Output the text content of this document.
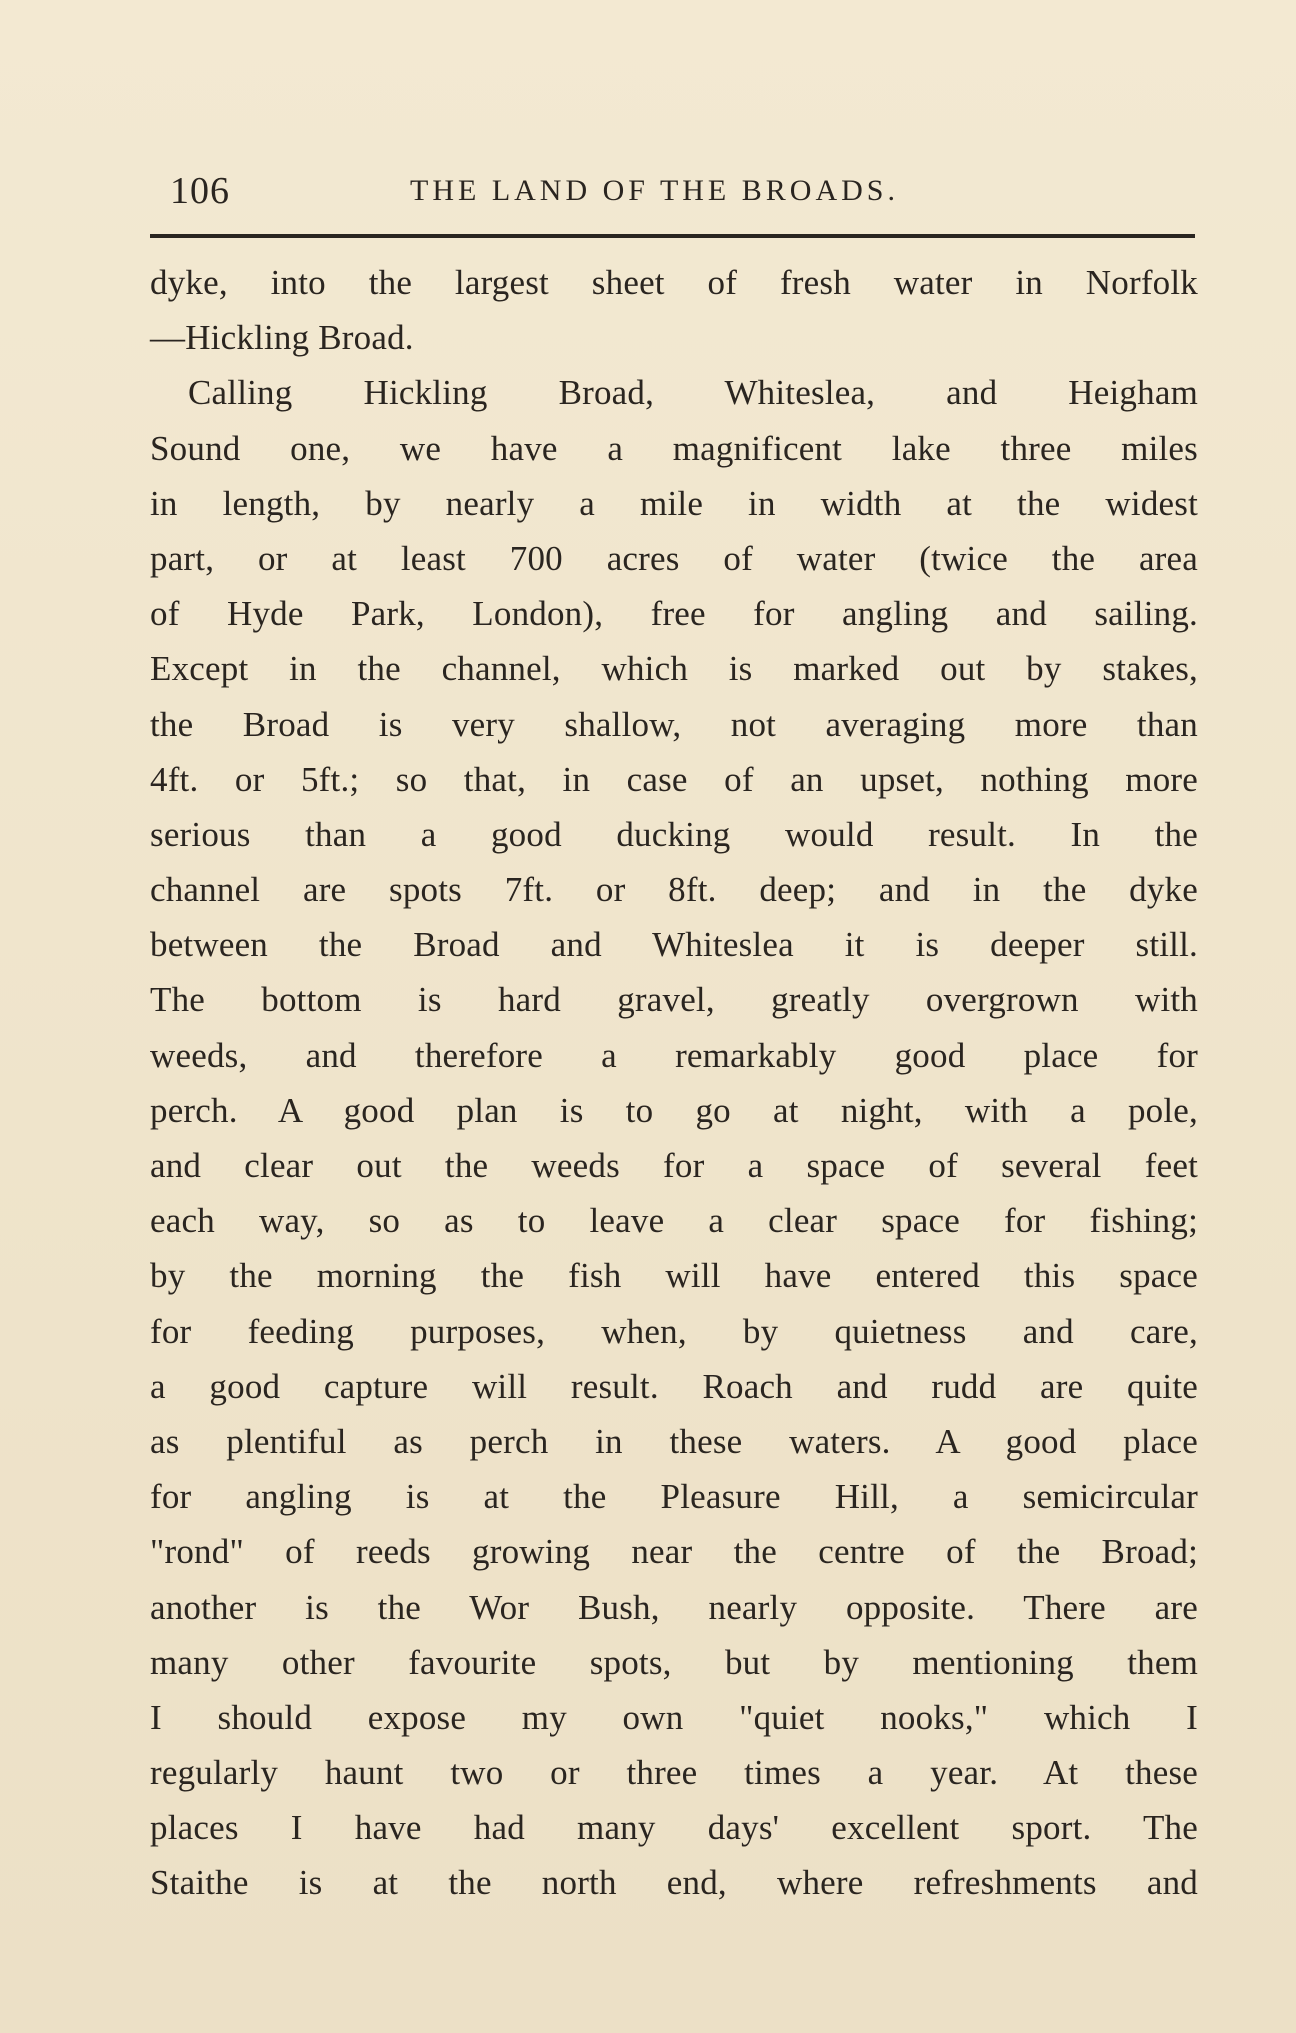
106	THE LAND OF THE BROADS.
dyke, into the largest sheet of fresh water in Norfolk
—Hickling Broad.
Calling Hickling Broad, Whiteslea, and Heigham
Sound one, we have a magnificent lake three miles
in length, by nearly a mile in width at the widest
part, or at least 700 acres of water (twice the area
of Hyde Park, London), free for angling and sailing.
Except in the channel, which is marked out by stakes,
the Broad is very shallow, not averaging more than
4ft. or 5ft.; so that, in case of an upset, nothing more
serious than a good ducking would result. In the
channel are spots 7ft. or 8ft. deep; and in the dyke
between the Broad and Whiteslea it is deeper still.
The bottom is hard gravel, greatly overgrown with
weeds, and therefore a remarkably good place for
perch. A good plan is to go at night, with a pole,
and clear out the weeds for a space of several feet
each way, so as to leave a clear space for fishing;
by the morning the fish will have entered this space
for feeding purposes, when, by quietness and care,
a good capture will result. Roach and rudd are quite
as plentiful as perch in these waters. A good place
for angling is at the Pleasure Hill, a semicircular
"rond" of reeds growing near the centre of the Broad;
another is the Wor Bush, nearly opposite. There are
many other favourite spots, but by mentioning them
I should expose my own "quiet nooks," which I
regularly haunt two or three times a year. At these
places I have had many days' excellent sport. The
Staithe is at the north end, where refreshments and
